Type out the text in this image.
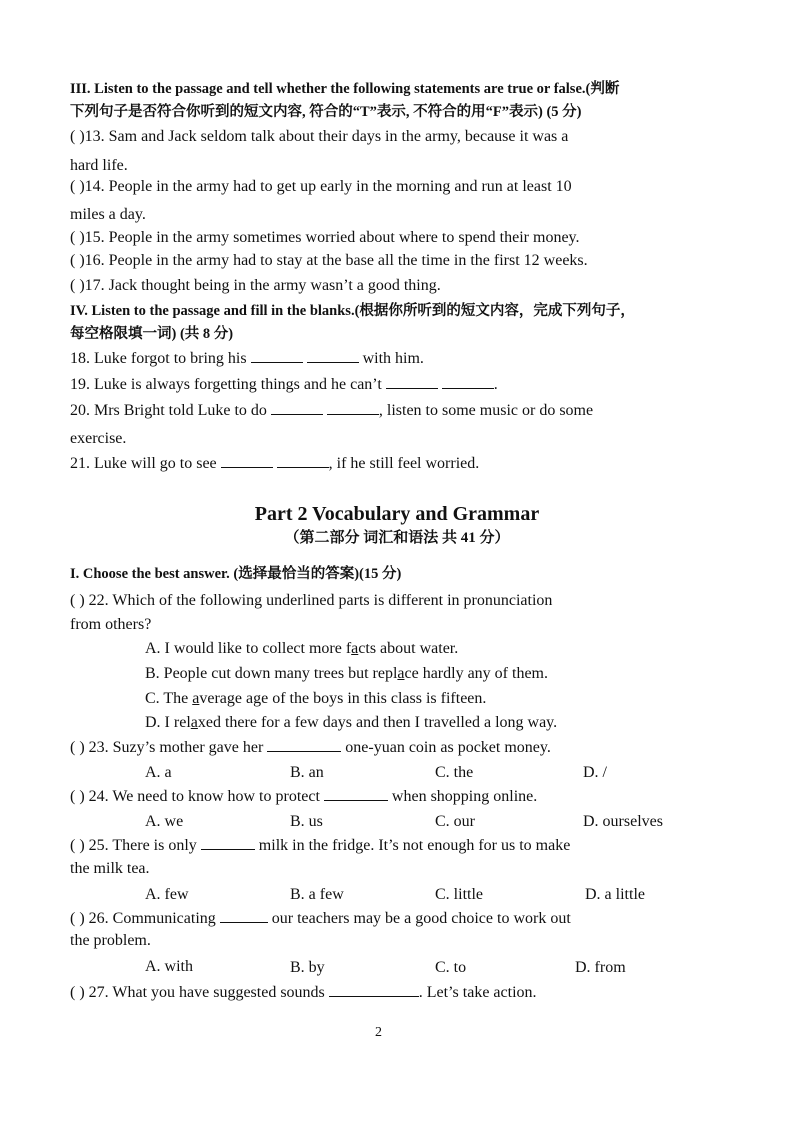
III. Listen to the passage and tell whether the following statements are true or false.(判断
下列句子是否符合你听到的短文内容, 符合的“T”表示, 不符合的用“F”表示) (5 分)
( )13. Sam and Jack seldom talk about their days in the army, because it was a
hard life.
( )14. People in the army had to get up early in the morning and run at least 10
miles a day.
( )15. People in the army sometimes worried about where to spend their money.
( )16. People in the army had to stay at the base all the time in the first 12 weeks.
( )17. Jack thought being in the army wasn’t a good thing.
IV. Listen to the passage and fill in the blanks.(根据你所听到的短文内容，完成下列句子，
每空格限填一词) (共 8 分)
18. Luke forgot to bring his	with him.
19. Luke is always forgetting things and he can’t	.
20. Mrs Bright told Luke to do	, listen to some music or do some
exercise.
21. Luke will go to see	, if he still feel worried.
Part 2 Vocabulary and Grammar
（第二部分 词汇和语法 共 41 分）
I. Choose the best answer. (选择最恰当的答案)(15 分)
( ) 22. Which of the following underlined parts is different in pronunciation
from others?
A. I would like to collect more facts about water.
B. People cut down many trees but replace hardly any of them.
C. The average age of the boys in this class is fifteen.
D. I relaxed there for a few days and then I travelled a long way.
( ) 23. Suzy’s mother gave her	one-yuan coin as pocket money.
A. a	B. an	C. the	D. /
( ) 24. We need to know how to protect	when shopping online.
A. we	B. us	C. our	D. ourselves
( ) 25. There is only	milk in the fridge. It’s not enough for us to make
the milk tea.
A. few	B. a few	C. little	D. a little
( ) 26. Communicating	our teachers may be a good choice to work out
the problem.
A. with	B. by	C. to	D. from
( ) 27. What you have suggested sounds	. Let’s take action.
2
